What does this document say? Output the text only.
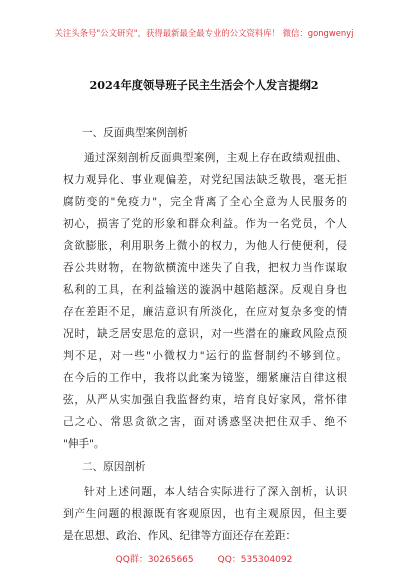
关注头条号"公文研究"，获得最新最全最专业的公文资料库！ 微信：gongwenyj
2024年度领导班子民主生活会个人发言提纲2
一、反面典型案例剖析
通过深刻剖析反面典型案例，主观上存在政绩观扭曲、
权力观异化、事业观偏差，对党纪国法缺乏敬畏，毫无拒
腐防变的"免疫力"，完全背离了全心全意为人民服务的
初心，损害了党的形象和群众利益。作为一名党员，个人
贪欲膨胀，利用职务上微小的权力，为他人行使便利，侵
吞公共财物，在物欲横流中迷失了自我，把权力当作谋取
私利的工具，在利益输送的漩涡中越陷越深。反观自身也
存在差距不足，廉洁意识有所淡化，在应对复杂多变的情
况时，缺乏居安思危的意识，对一些潜在的廉政风险点预
判不足，对一些"小微权力"运行的监督制约不够到位。
在今后的工作中，我将以此案为镜鉴，绷紧廉洁自律这根
弦，从严从实加强自我监督约束，培育良好家风，常怀律
己之心、常思贪欲之害，面对诱惑坚决把住双手、绝不
"伸手"。
二、原因剖析
针对上述问题，本人结合实际进行了深入剖析，认识
到产生问题的根源既有客观原因，也有主观原因，但主要
是在思想、政治、作风、纪律等方面还存在差距：
QQ群：30265665	QQ：535304092
